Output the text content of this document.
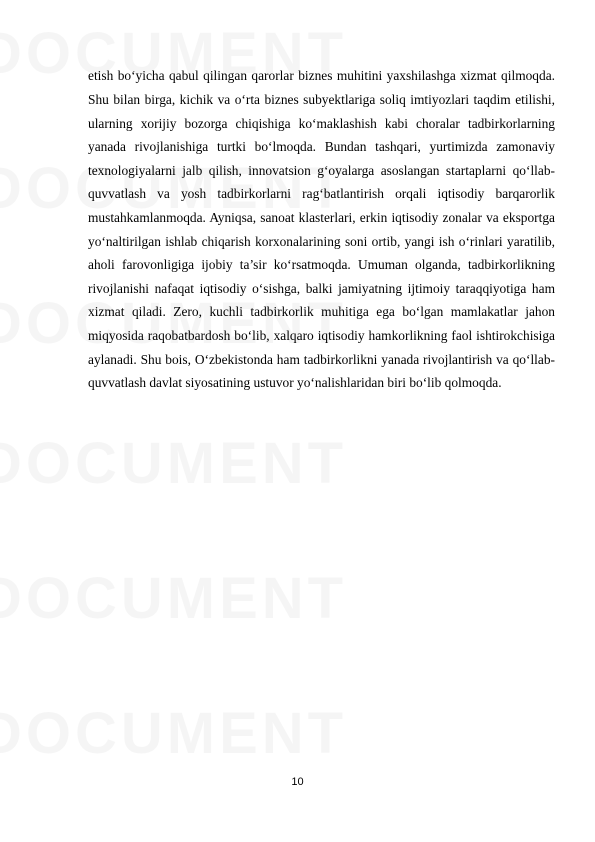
etish bo‘yicha qabul qilingan qarorlar biznes muhitini yaxshilashga xizmat qilmoqda. Shu bilan birga, kichik va o‘rta biznes subyektlariga soliq imtiyozlari taqdim etilishi, ularning xorijiy bozorga chiqishiga ko‘maklashish kabi choralar tadbirkorlarning yanada rivojlanishiga turtki bo‘lmoqda. Bundan tashqari, yurtimizda zamonaviy texnologiyalarni jalb qilish, innovatsion g‘oyalarga asoslangan startaplarni qo‘llab-quvvatlash va yosh tadbirkorlarni rag‘batlantirish orqali iqtisodiy barqarorlik mustahkamlanmoqda. Ayniqsa, sanoat klasterlari, erkin iqtisodiy zonalar va eksportga yo‘naltirilgan ishlab chiqarish korxonalarining soni ortib, yangi ish o‘rinlari yaratilib, aholi farovonligiga ijobiy ta’sir ko‘rsatmoqda. Umuman olganda, tadbirkorlikning rivojlanishi nafaqat iqtisodiy o‘sishga, balki jamiyatning ijtimoiy taraqqiyotiga ham xizmat qiladi. Zero, kuchli tadbirkorlik muhitiga ega bo‘lgan mamlakatlar jahon miqyosida raqobatbardosh bo‘lib, xalqaro iqtisodiy hamkorlikning faol ishtirokchisiga aylanadi. Shu bois, O‘zbekistonda ham tadbirkorlikni yanada rivojlantirish va qo‘llab-quvvatlash davlat siyosatining ustuvor yo‘nalishlaridan biri bo‘lib qolmoqda.

10
